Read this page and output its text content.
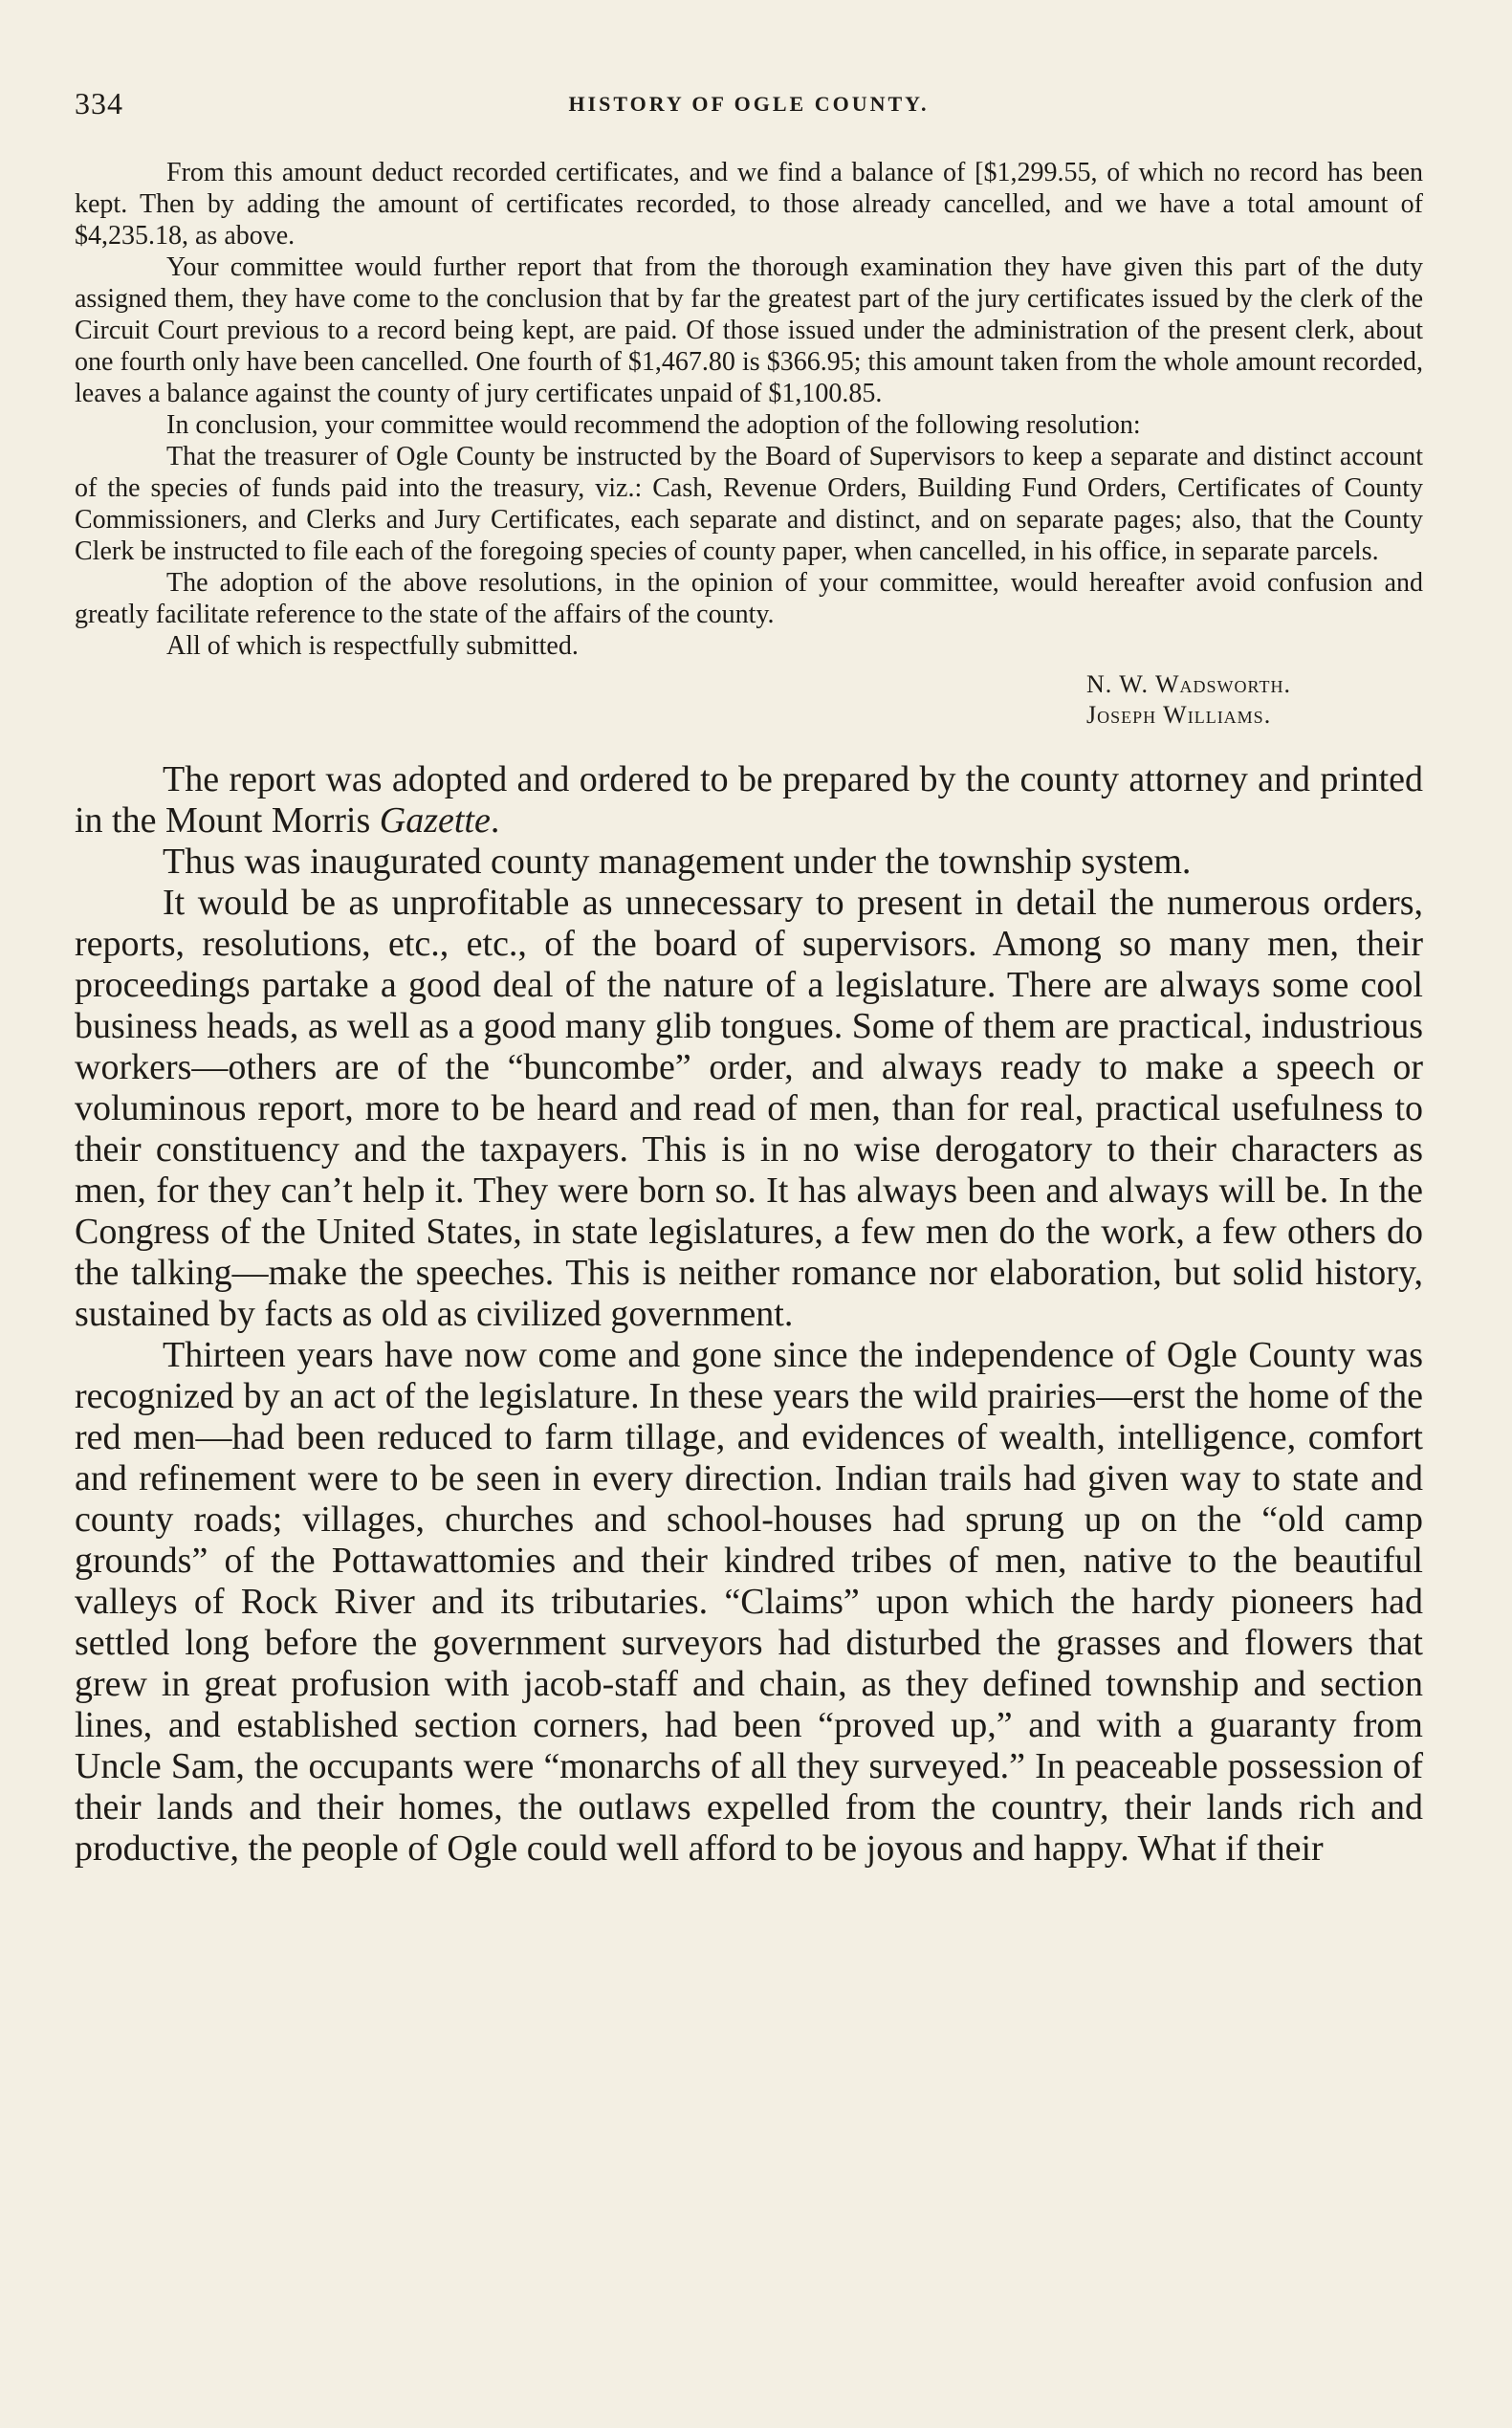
334	HISTORY OF OGLE COUNTY.

From this amount deduct recorded certificates, and we find a balance of [$1,299.55, of which no record has been kept. Then by adding the amount of certificates recorded, to those already cancelled, and we have a total amount of $4,235.18, as above.

Your committee would further report that from the thorough examination they have given this part of the duty assigned them, they have come to the conclusion that by far the greatest part of the jury certificates issued by the clerk of the Circuit Court previous to a record being kept, are paid. Of those issued under the administration of the present clerk, about one fourth only have been cancelled. One fourth of $1,467.80 is $366.95; this amount taken from the whole amount recorded, leaves a balance against the county of jury certificates unpaid of $1,100.85.

In conclusion, your committee would recommend the adoption of the following resolution:

That the treasurer of Ogle County be instructed by the Board of Supervisors to keep a separate and distinct account of the species of funds paid into the treasury, viz.: Cash, Revenue Orders, Building Fund Orders, Certificates of County Commissioners, and Clerks and Jury Certificates, each separate and distinct, and on separate pages; also, that the County Clerk be instructed to file each of the foregoing species of county paper, when cancelled, in his office, in separate parcels.

The adoption of the above resolutions, in the opinion of your committee, would hereafter avoid confusion and greatly facilitate reference to the state of the affairs of the county.

All of which is respectfully submitted.

N. W. Wadsworth.
Joseph Williams.

The report was adopted and ordered to be prepared by the county attorney and printed in the Mount Morris Gazette.

Thus was inaugurated county management under the township system.

It would be as unprofitable as unnecessary to present in detail the numerous orders, reports, resolutions, etc., etc., of the board of supervisors. Among so many men, their proceedings partake a good deal of the nature of a legislature. There are always some cool business heads, as well as a good many glib tongues. Some of them are practical, industrious workers—others are of the “buncombe” order, and always ready to make a speech or voluminous report, more to be heard and read of men, than for real, practical usefulness to their constituency and the taxpayers. This is in no wise derogatory to their characters as men, for they can’t help it. They were born so. It has always been and always will be. In the Congress of the United States, in state legislatures, a few men do the work, a few others do the talking—make the speeches. This is neither romance nor elaboration, but solid history, sustained by facts as old as civilized government.

Thirteen years have now come and gone since the independence of Ogle County was recognized by an act of the legislature. In these years the wild prairies—erst the home of the red men—had been reduced to farm tillage, and evidences of wealth, intelligence, comfort and refinement were to be seen in every direction. Indian trails had given way to state and county roads; villages, churches and school-houses had sprung up on the “old camp grounds” of the Pottawattomies and their kindred tribes of men, native to the beautiful valleys of Rock River and its tributaries. “Claims” upon which the hardy pioneers had settled long before the government surveyors had disturbed the grasses and flowers that grew in great profusion with jacob-staff and chain, as they defined township and section lines, and established section corners, had been “proved up,” and with a guaranty from Uncle Sam, the occupants were “monarchs of all they surveyed.” In peaceable possession of their lands and their homes, the outlaws expelled from the country, their lands rich and productive, the people of Ogle could well afford to be joyous and happy. What if their
